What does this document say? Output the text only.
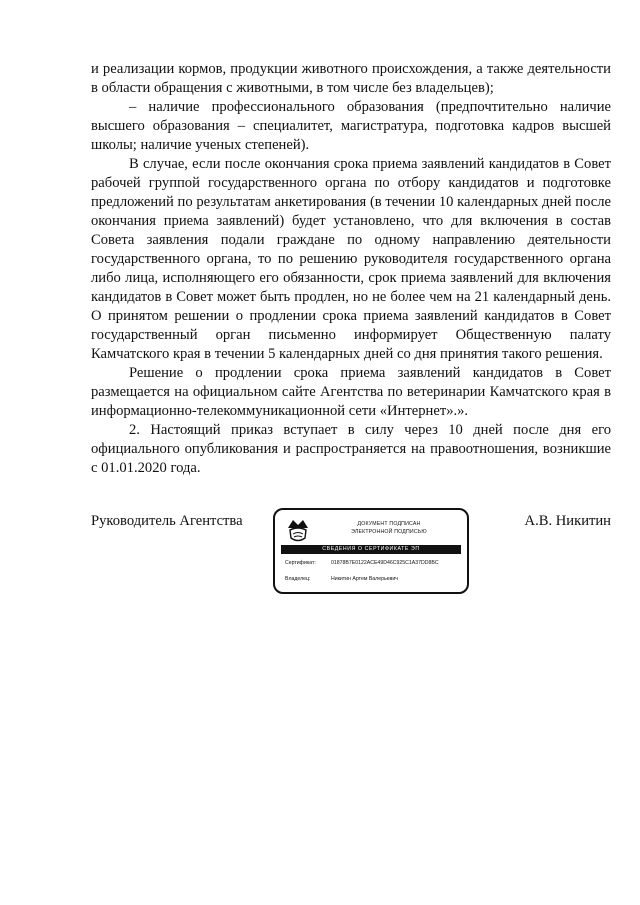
и реализации кормов, продукции животного происхождения, а также деятельности в области обращения с животными, в том числе без владельцев);

– наличие профессионального образования (предпочтительно наличие высшего образования – специалитет, магистратура, подготовка кадров высшей школы; наличие ученых степеней).

В случае, если после окончания срока приема заявлений кандидатов в Совет рабочей группой государственного органа по отбору кандидатов и подготовке предложений по результатам анкетирования (в течении 10 календарных дней после окончания приема заявлений) будет установлено, что для включения в состав Совета заявления подали граждане по одному направлению деятельности государственного органа, то по решению руководителя государственного органа либо лица, исполняющего его обязанности, срок приема заявлений для включения кандидатов в Совет может быть продлен, но не более чем на 21 календарный день. О принятом решении о продлении срока приема заявлений кандидатов в Совет государственный орган письменно информирует Общественную палату Камчатского края в течении 5 календарных дней со дня принятия такого решения.

Решение о продлении срока приема заявлений кандидатов в Совет размещается на официальном сайте Агентства по ветеринарии Камчатского края в информационно-телекоммуникационной сети «Интернет».».

2. Настоящий приказ вступает в силу через 10 дней после дня его официального опубликования и распространяется на правоотношения, возникшие с 01.01.2020 года.

Руководитель Агентства	ДОКУМЕНТ ПОДПИСАН
ЭЛЕКТРОННОЙ ПОДПИСЬЮ
СВЕДЕНИЯ О СЕРТИФИКАТЕ ЭП
Сертификат:	01878B7E0122ACE49D46C925C1A37DD8BC
Владелец:	Никитин Артем Валерьевич
А.В. Никитин
